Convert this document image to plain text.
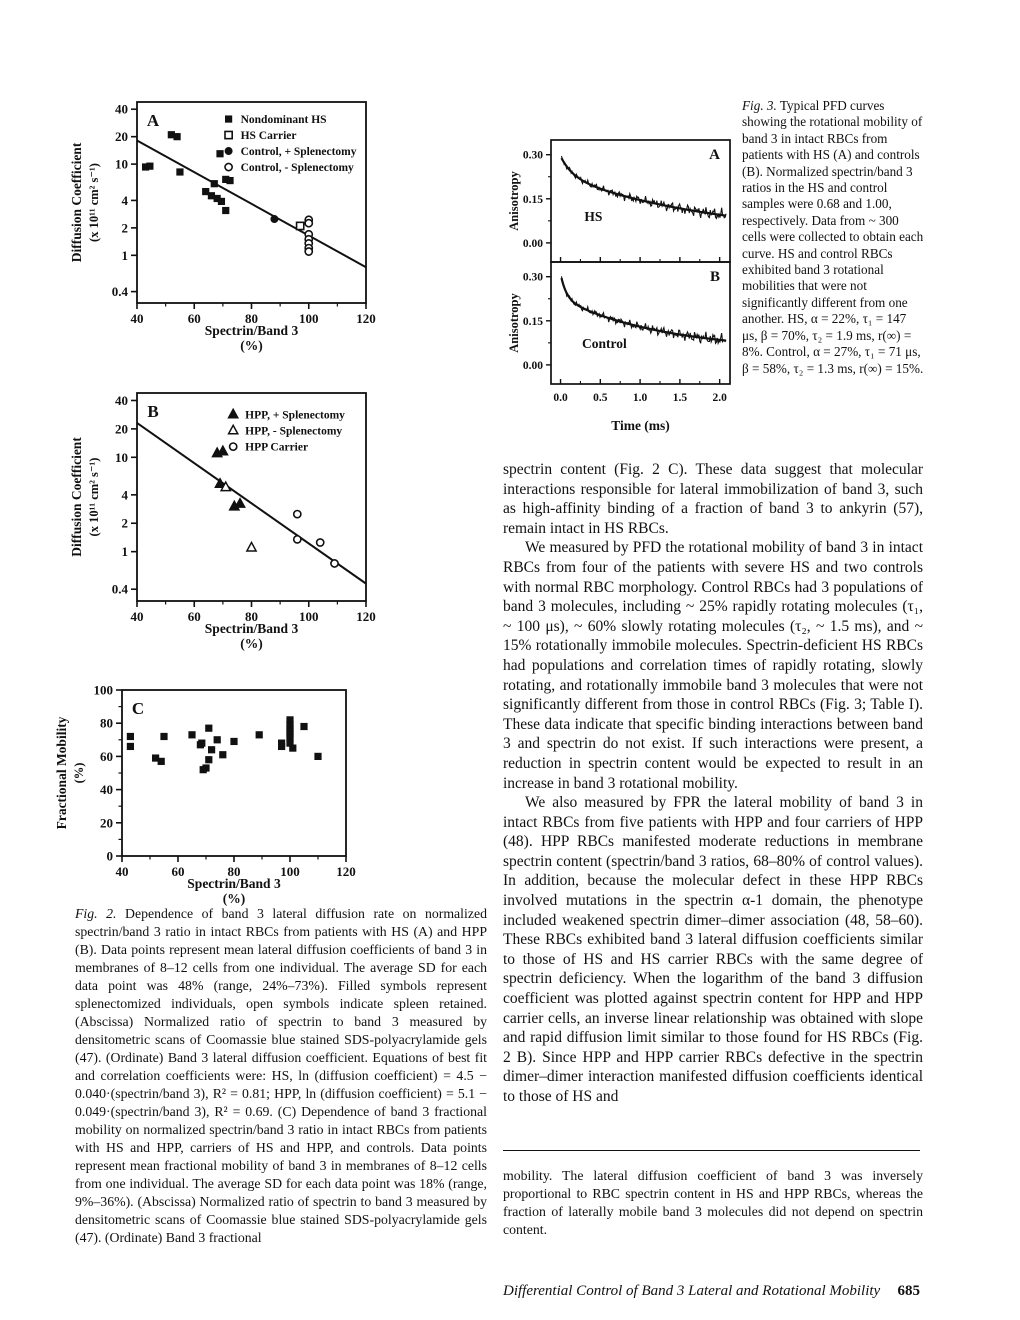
40	60	80	100	120
40
20
10
4
2
1
0.4
Nondominant HS
HS Carrier
Control, + Splenectomy
Control, - Splenectomy
A
Spectrin/Band 3
(%)
Diffusion Coefficient (x 10¹¹ cm² s⁻¹)
40	60	80	100	120
40
20
10
4
2
1
0.4
HPP, + Splenectomy
HPP, - Splenectomy
HPP Carrier
B
Spectrin/Band 3
(%)
Diffusion Coefficient (x 10¹¹ cm² s⁻¹)
40	60	80	100	120
0
20
40
60
80
100
C
Spectrin/Band 3
(%)
Fractional Mobility (%)
0.30
0.15
0.00
A
HS
Anisotropy
0.30
0.15
0.00
0.0 0.5 1.0 1.5 2.0
B
Control
Anisotropy
Time (ms)
Fig. 3. Typical PFD curves showing the rotational mobility of band 3 in intact RBCs from patients with HS (A) and controls (B). Normalized spectrin/band 3 ratios in the HS and control samples were 0.68 and 1.00, respectively. Data from ~ 300 cells were collected to obtain each curve. HS and control RBCs exhibited band 3 rotational mobilities that were not significantly different from one another. HS, α = 22%, τ₁ = 147 μs, β = 70%, τ₂ = 1.9 ms, r(∞) = 8%. Control, α = 27%, τ₁ = 71 μs, β = 58%, τ₂ = 1.3 ms, r(∞) = 15%.
Fig. 2. Dependence of band 3 lateral diffusion rate on normalized spectrin/band 3 ratio in intact RBCs from patients with HS (A) and HPP (B). Data points represent mean lateral diffusion coefficients of band 3 in membranes of 8–12 cells from one individual. The average SD for each data point was 48% (range, 24%–73%). Filled symbols represent splenectomized individuals, open symbols indicate spleen retained. (Abscissa) Normalized ratio of spectrin to band 3 measured by densitometric scans of Coomassie blue stained SDS-polyacrylamide gels (47). (Ordinate) Band 3 lateral diffusion coefficient. Equations of best fit and correlation coefficients were: HS, ln (diffusion coefficient) = 4.5 − 0.040·(spectrin/band 3), R² = 0.81; HPP, ln (diffusion coefficient) = 5.1 − 0.049·(spectrin/band 3), R² = 0.69. (C) Dependence of band 3 fractional mobility on normalized spectrin/band 3 ratio in intact RBCs from patients with HS and HPP, carriers of HS and HPP, and controls. Data points represent mean fractional mobility of band 3 in membranes of 8–12 cells from one individual. The average SD for each data point was 18% (range, 9%–36%). (Abscissa) Normalized ratio of spectrin to band 3 measured by densitometric scans of Coomassie blue stained SDS-polyacrylamide gels (47). (Ordinate) Band 3 fractional

spectrin content (Fig. 2 C). These data suggest that molecular interactions responsible for lateral immobilization of band 3, such as high-affinity binding of a fraction of band 3 to ankyrin (57), remain intact in HS RBCs.

We measured by PFD the rotational mobility of band 3 in intact RBCs from four of the patients with severe HS and two controls with normal RBC morphology. Control RBCs had 3 populations of band 3 molecules, including ~ 25% rapidly rotating molecules (τ₁, ~ 100 μs), ~ 60% slowly rotating molecules (τ₂, ~ 1.5 ms), and ~ 15% rotationally immobile molecules. Spectrin-deficient HS RBCs had populations and correlation times of rapidly rotating, slowly rotating, and rotationally immobile band 3 molecules that were not significantly different from those in control RBCs (Fig. 3; Table I). These data indicate that specific binding interactions between band 3 and spectrin do not exist. If such interactions were present, a reduction in spectrin content would be expected to result in an increase in band 3 rotational mobility.

We also measured by FPR the lateral mobility of band 3 in intact RBCs from five patients with HPP and four carriers of HPP (48). HPP RBCs manifested moderate reductions in membrane spectrin content (spectrin/band 3 ratios, 68–80% of control values). In addition, because the molecular defect in these HPP RBCs involved mutations in the spectrin α-1 domain, the phenotype included weakened spectrin dimer–dimer association (48, 58–60). These RBCs exhibited band 3 lateral diffusion coefficients similar to those of HS and HS carrier RBCs with the same degree of spectrin deficiency. When the logarithm of the band 3 diffusion coefficient was plotted against spectrin content for HPP and HPP carrier cells, an inverse linear relationship was obtained with slope and rapid diffusion limit similar to those found for HS RBCs (Fig. 2 B). Since HPP and HPP carrier RBCs defective in the spectrin dimer–dimer interaction manifested diffusion coefficients identical to those of HS and

mobility. The lateral diffusion coefficient of band 3 was inversely proportional to RBC spectrin content in HS and HPP RBCs, whereas the fraction of laterally mobile band 3 molecules did not depend on spectrin content.
Differential Control of Band 3 Lateral and Rotational Mobility 685
